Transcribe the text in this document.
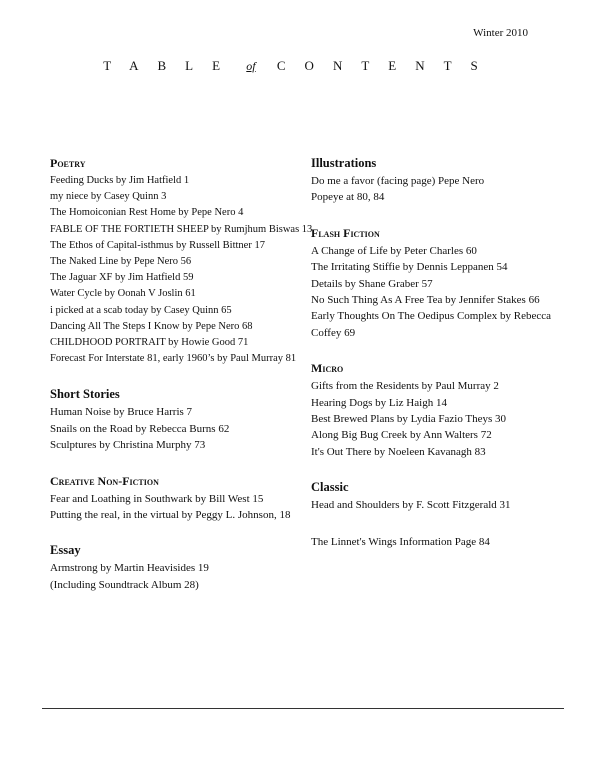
Winter 2010
TABLE of CONTENTS
Poetry
Feeding Ducks by Jim Hatfield 1
my niece by Casey Quinn 3
The Homoiconian Rest Home by Pepe Nero 4
FABLE OF THE FORTIETH SHEEP by Rumjhum Biswas 13
The Ethos of Capital-isthmus by Russell Bittner 17
The Naked Line by Pepe Nero 56
The Jaguar XF by Jim Hatfield 59
Water Cycle by Oonah V Joslin 61
i picked at a scab today by Casey Quinn 65
Dancing All The Steps I Know by Pepe Nero 68
CHILDHOOD PORTRAIT by Howie Good 71
Forecast For Interstate 81, early 1960’s by Paul Murray 81
Short Stories
Human Noise by Bruce Harris 7
Snails on the Road by Rebecca Burns 62
Sculptures by Christina Murphy 73
Creative Non-Fiction
Fear and Loathing in Southwark by Bill West 15
Putting the real, in the virtual by Peggy L. Johnson, 18
Essay
Armstrong by Martin Heavisides 19
(Including Soundtrack Album 28)
Illustrations
Do me a favor (facing page) Pepe Nero
Popeye at 80, 84
Flash Fiction
A Change of Life by Peter Charles 60
The Irritating Stiffie by Dennis Leppanen 54
Details by Shane Graber 57
No Such Thing As A Free Tea by Jennifer Stakes 66
Early Thoughts On The Oedipus Complex by Rebecca Coffey 69
Micro
Gifts from the Residents by Paul Murray 2
Hearing Dogs by Liz Haigh 14
Best Brewed Plans by Lydia Fazio Theys 30
Along Big Bug Creek by Ann Walters 72
It's Out There by Noeleen Kavanagh 83
Classic
Head and Shoulders by F. Scott Fitzgerald 31
The Linnet's Wings Information Page 84
